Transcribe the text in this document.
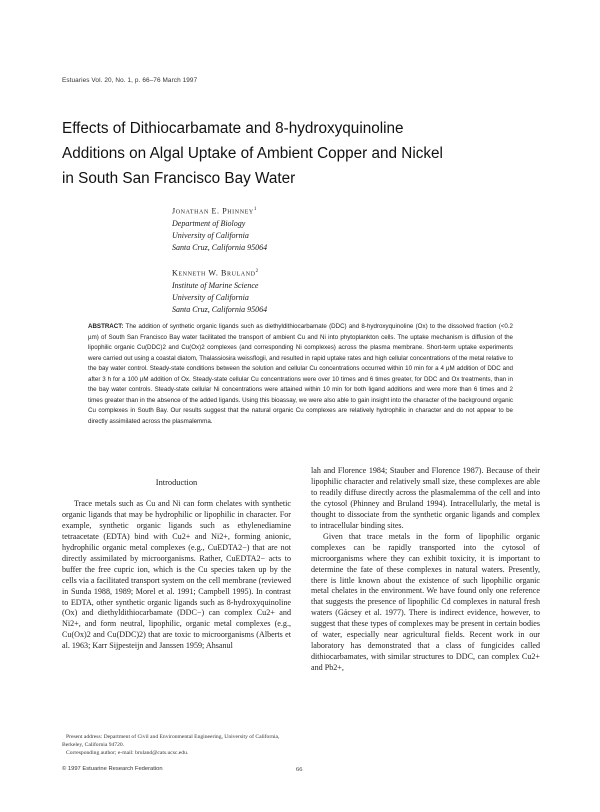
Estuaries Vol. 20, No. 1, p. 66–76 March 1997
Effects of Dithiocarbamate and 8-hydroxyquinoline
Additions on Algal Uptake of Ambient Copper and Nickel
in South San Francisco Bay Water
Jonathan E. Phinney$^1$
Department of Biology
University of California
Santa Cruz, California 95064
Kenneth W. Bruland$^2$
Institute of Marine Science
University of California
Santa Cruz, California 95064
ABSTRACT: The addition of synthetic organic ligands such as diethyldithiocarbamate (DDC) and 8-hydroxyquinoline (Ox) to the dissolved fraction (<0.2 µm) of South San Francisco Bay water facilitated the transport of ambient Cu and Ni into phytoplankton cells. The uptake mechanism is diffusion of the lipophilic organic Cu(DDC)2 and Cu(Ox)2 complexes (and corresponding Ni complexes) across the plasma membrane. Short-term uptake experiments were carried out using a coastal diatom, Thalassiosira weissflogii, and resulted in rapid uptake rates and high cellular concentrations of the metal relative to the bay water control. Steady-state conditions between the solution and cellular Cu concentrations occurred within 10 min for a 4 µM addition of DDC and after 3 h for a 100 µM addition of Ox. Steady-state cellular Cu concentrations were over 10 times and 6 times greater, for DDC and Ox treatments, than in the bay water controls. Steady-state cellular Ni concentrations were attained within 10 min for both ligand additions and were more than 6 times and 2 times greater than in the absence of the added ligands. Using this bioassay, we were also able to gain insight into the character of the background organic Cu complexes in South Bay. Our results suggest that the natural organic Cu complexes are relatively hydrophilic in character and do not appear to be directly assimilated across the plasmalemma.
Introduction
Trace metals such as Cu and Ni can form chelates with synthetic organic ligands that may be hydrophilic or lipophilic in character. For example, synthetic organic ligands such as ethylenediamine tetraacetate (EDTA) bind with Cu2+ and Ni2+, forming anionic, hydrophilic organic metal complexes (e.g., CuEDTA2−) that are not directly assimilated by microorganisms. Rather, CuEDTA2− acts to buffer the free cupric ion, which is the Cu species taken up by the cells via a facilitated transport system on the cell membrane (reviewed in Sunda 1988, 1989; Morel et al. 1991; Campbell 1995). In contrast to EDTA, other synthetic organic ligands such as 8-hydroxyquinoline (Ox) and diethyldithiocarbamate (DDC−) can complex Cu2+ and Ni2+, and form neutral, lipophilic, organic metal complexes (e.g., Cu(Ox)2 and Cu(DDC)2) that are toxic to microorganisms (Alberts et al. 1963; Karr Sijpesteijn and Janssen 1959; Ahsanul
lah and Florence 1984; Stauber and Florence 1987). Because of their lipophilic character and relatively small size, these complexes are able to readily diffuse directly across the plasmalemma of the cell and into the cytosol (Phinney and Bruland 1994). Intracellularly, the metal is thought to dissociate from the synthetic organic ligands and complex to intracellular binding sites.
Given that trace metals in the form of lipophilic organic complexes can be rapidly transported into the cytosol of microorganisms where they can exhibit toxicity, it is important to determine the fate of these complexes in natural waters. Presently, there is little known about the existence of such lipophilic organic metal chelates in the environment. We have found only one reference that suggests the presence of lipophilic Cd complexes in natural fresh waters (Gácsey et al. 1977). There is indirect evidence, however, to suggest that these types of complexes may be present in certain bodies of water, especially near agricultural fields. Recent work in our laboratory has demonstrated that a class of fungicides called dithiocarbamates, with similar structures to DDC, can complex Cu2+ and Pb2+,
Present address: Department of Civil and Environmental Engineering, University of California, Berkeley, California 94720.
Corresponding author; e-mail: bruland@cats.ucsc.edu.
© 1997 Estuarine Research Federation	66
